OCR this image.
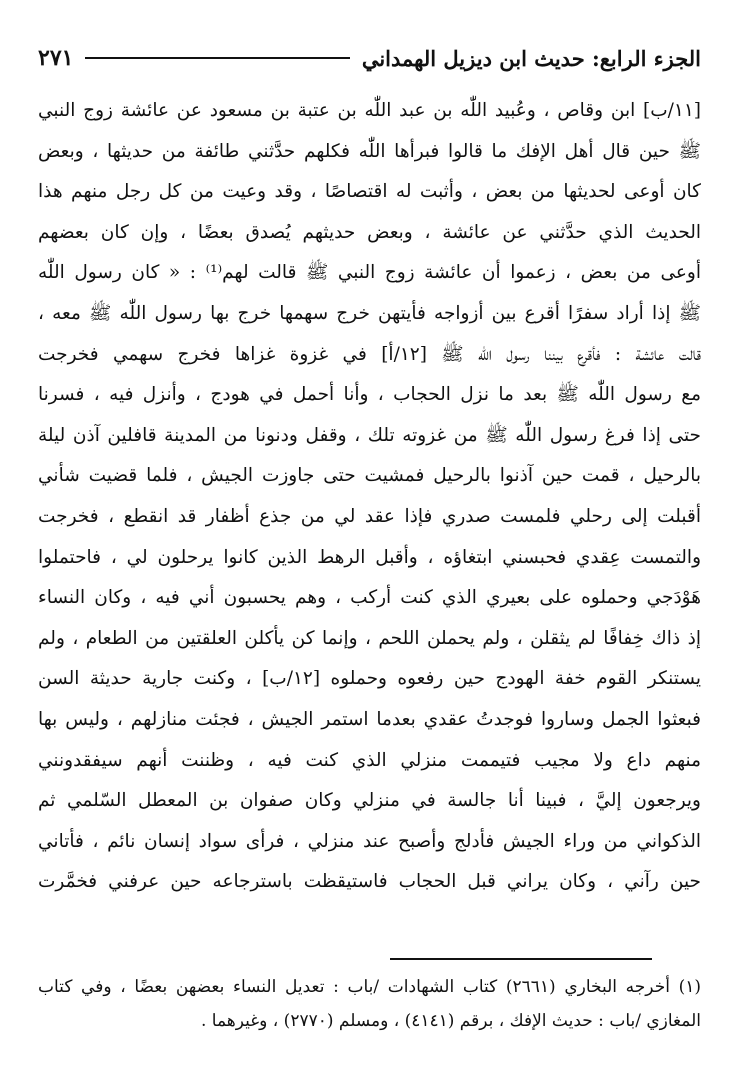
الجزء الرابع: حديث ابن ديزيل الهمداني
٢٧١
[١١/ب] ابن وقاص ، وعُبيد اللّٰه بن عبد اللّٰه بن عتبة بن مسعود عن عائشة زوج النبي
ﷺ حين قال أهل الإفك ما قالوا فبرأها اللّٰه فكلهم حدَّثني طائفة من حديثها ، وبعض
كان أوعى لحديثها من بعض ، وأثبت له اقتصاصًا ، وقد وعيت من كل رجل منهم هذا
الحديث الذي حدَّثني عن عائشة ، وبعض حديثهم يُصدق بعضًا ، وإن كان بعضهم
أوعى من بعض ، زعموا أن عائشة زوج النبي ﷺ قالت لهم⁽¹⁾ : « كان رسول اللّٰه
ﷺ إذا أراد سفرًا أقرع بين أزواجه فأيتهن خرج سهمها خرج بها رسول اللّٰه ﷺ معه ،
قالت عائشة : فأقرع بيننا رسول اللّٰه ﷺ [١٢/أ] في غزوة غزاها فخرج سهمي فخرجت
مع رسول اللّٰه ﷺ بعد ما نزل الحجاب ، وأنا أحمل في هودج ، وأنزل فيه ، فسرنا
حتى إذا فرغ رسول اللّٰه ﷺ من غزوته تلك ، وقفل ودنونا من المدينة قافلين آذن ليلة
بالرحيل ، قمت حين آذنوا بالرحيل فمشيت حتى جاوزت الجيش ، فلما قضيت شأني
أقبلت إلى رحلي فلمست صدري فإذا عقد لي من جذع أظفار قد انقطع ، فخرجت
والتمست عِقدي فحبسني ابتغاؤه ، وأقبل الرهط الذين كانوا يرحلون لي ، فاحتملوا
هَوْدَجي وحملوه على بعيري الذي كنت أركب ، وهم يحسبون أني فيه ، وكان النساء
إذ ذاك خِفافًا لم يثقلن ، ولم يحملن اللحم ، وإنما كن يأكلن العلقتين من الطعام ، ولم
يستنكر القوم خفة الهودج حين رفعوه وحملوه [١٢/ب] ، وكنت جارية حديثة السن
فبعثوا الجمل وساروا فوجدتُ عقدي بعدما استمر الجيش ، فجئت منازلهم ، وليس بها
منهم داع ولا مجيب فتيممت منزلي الذي كنت فيه ، وظننت أنهم سيفقدونني
ويرجعون إليَّ ، فبينا أنا جالسة في منزلي وكان صفوان بن المعطل السّلمي ثم
الذكواني من وراء الجيش فأدلج وأصبح عند منزلي ، فرأى سواد إنسان نائم ، فأتاني
حين رآني ، وكان يراني قبل الحجاب فاستيقظت باسترجاعه حين عرفني فخمَّرت
(١) أخرجه البخاري (٢٦٦١) كتاب الشهادات /باب : تعديل النساء بعضهن بعضًا ، وفي كتاب
المغازي /باب : حديث الإفك ، برقم (٤١٤١) ، ومسلم (٢٧٧٠) ، وغيرهما .
